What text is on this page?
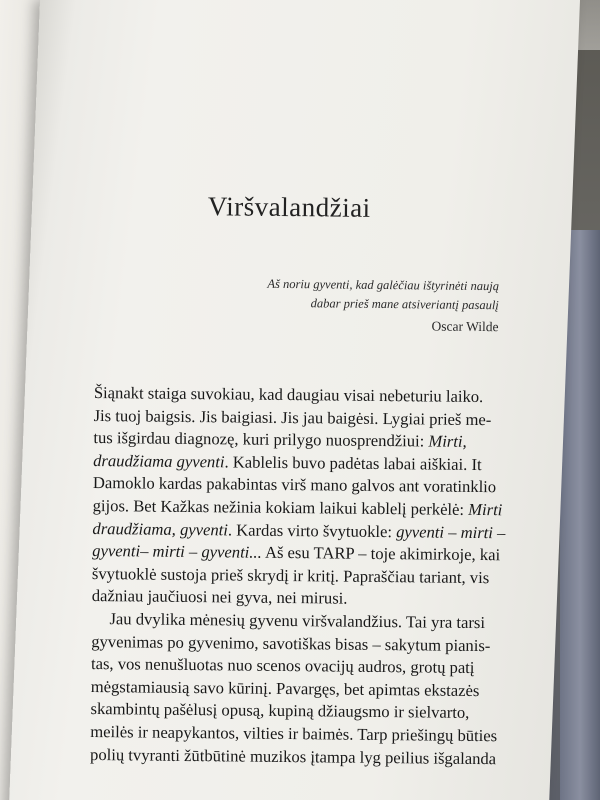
Viršvalandžiai
Aš noriu gyventi, kad galėčiau ištyrinėti naują
dabar prieš mane atsiveriantį pasaulį
Oscar Wilde
Šiąnakt staiga suvokiau, kad daugiau visai nebeturiu laiko.
Jis tuoj baigsis. Jis baigiasi. Jis jau baigėsi. Lygiai prieš me-
tus išgirdau diagnozę, kuri prilygo nuosprendžiui: Mirti,
draudžiama gyventi. Kablelis buvo padėtas labai aiškiai. It
Damoklo kardas pakabintas virš mano galvos ant voratinklio
gijos. Bet Kažkas nežinia kokiam laikui kablelį perkėlė: Mirti
draudžiama, gyventi. Kardas virto švytuokle: gyventi – mirti –
gyventi– mirti – gyventi... Aš esu TARP – toje akimirkoje, kai
švytuoklė sustoja prieš skrydį ir kritį. Papraščiau tariant, vis
dažniau jaučiuosi nei gyva, nei mirusi.
Jau dvylika mėnesių gyvenu viršvalandžius. Tai yra tarsi
gyvenimas po gyvenimo, savotiškas bisas – sakytum pianis-
tas, vos nenušluotas nuo scenos ovacijų audros, grotų patį
mėgstamiausią savo kūrinį. Pavargęs, bet apimtas ekstazės
skambintų pašėlusį opusą, kupiną džiaugsmo ir sielvarto,
meilės ir neapykantos, vilties ir baimės. Tarp priešingų būties
polių tvyranti žūtbūtinė muzikos įtampa lyg peilius išgalanda
